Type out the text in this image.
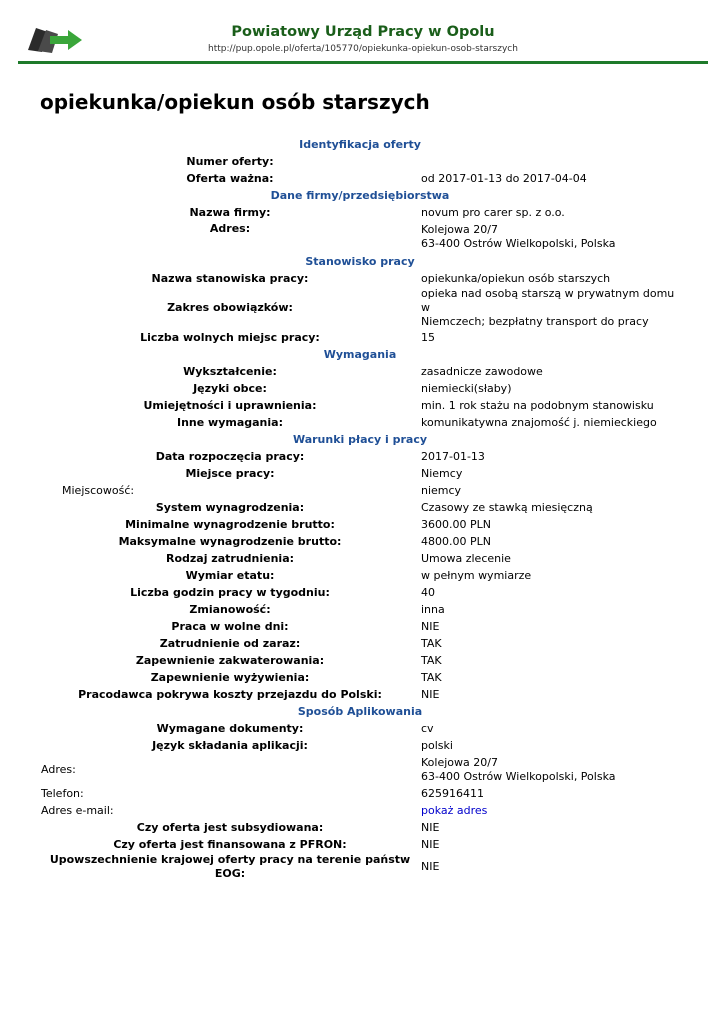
Powiatowy Urząd Pracy w Opolu
http://pup.opole.pl/oferta/105770/opiekunka-opiekun-osob-starszych
opiekunka/opiekun osób starszych
Identyfikacja oferty	
Numer oferty:	
Oferta ważna:	od 2017-01-13 do 2017-04-04
Dane firmy/przedsiębiorstwa	
Nazwa firmy:	novum pro carer sp. z o.o.
Adres:	Kolejowa 20/7
63-400 Ostrów Wielkopolski, Polska
Stanowisko pracy	
Nazwa stanowiska pracy:	opiekunka/opiekun osób starszych
Zakres obowiązków:	opieka nad osobą starszą w prywatnym domu w
Niemczech; bezpłatny transport do pracy
Liczba wolnych miejsc pracy:	15
Wymagania	
Wykształcenie:	zasadnicze zawodowe
Języki obce:	niemiecki(słaby)
Umiejętności i uprawnienia:	min. 1 rok stażu na podobnym stanowisku
Inne wymagania:	komunikatywna znajomość j. niemieckiego
Warunki płacy i pracy	
Data rozpoczęcia pracy:	2017-01-13
Miejsce pracy:	Niemcy
Miejscowość:	niemcy
System wynagrodzenia:	Czasowy ze stawką miesięczną
Minimalne wynagrodzenie brutto:	3600.00 PLN
Maksymalne wynagrodzenie brutto:	4800.00 PLN
Rodzaj zatrudnienia:	Umowa zlecenie
Wymiar etatu:	w pełnym wymiarze
Liczba godzin pracy w tygodniu:	40
Zmianowość:	inna
Praca w wolne dni:	NIE
Zatrudnienie od zaraz:	TAK
Zapewnienie zakwaterowania:	TAK
Zapewnienie wyżywienia:	TAK
Pracodawca pokrywa koszty przejazdu do Polski:	NIE
Sposób Aplikowania	
Wymagane dokumenty:	cv
Język składania aplikacji:	polski
Adres:	Kolejowa 20/7
63-400 Ostrów Wielkopolski, Polska
Telefon:	625916411
Adres e-mail:	pokaż adres
Czy oferta jest subsydiowana:	NIE
Czy oferta jest finansowana z PFRON:	NIE
Upowszechnienie krajowej oferty pracy na terenie państw EOG:	NIE
